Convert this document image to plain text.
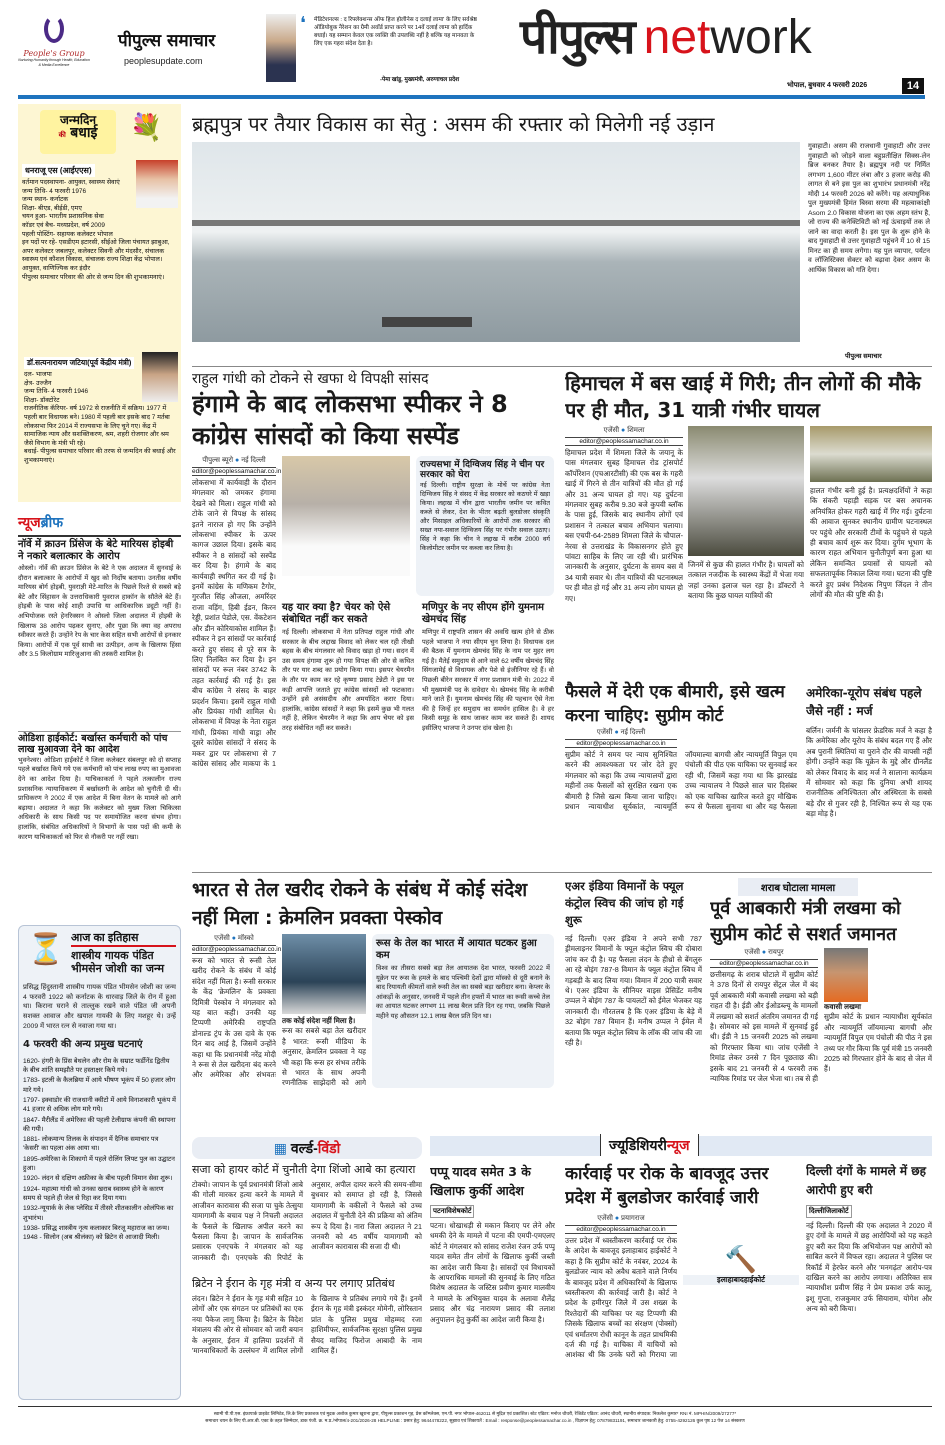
People's Group
Nurturing Humanity through Health, Education & Media Excellence
पीपुल्स समाचार
peoplesupdate.com
❛ मेडिटेशनल्स : द रिफ्लेक्शन्स ऑफ हिज होलीनेस द दलाई लामा' के लिए सर्वश्रेष्ठ ऑडियोबुक नैरेशन का ग्रैमी अवॉर्ड प्राप्त करने पर 14वें दलाई लामा को हार्दिक बधाई। यह सम्मान केवल एक व्यक्ति की उपलब्धि नहीं है बल्कि यह मानवता के लिए एक गहरा संदेश देता है।
-पेमा खांडू, मुख्यमंत्री, अरुणाचल प्रदेश
पीपुल्स network
भोपाल, बुधवार 4 फरवरी 2026	14
जन्मदिन
की बधाई	💐
धनराजू एस (आईएएस)
वर्तमान पदस्थापना- आयुक्त, स्वास्थ्य सेवाएं
जन्म तिथि- 4 फरवरी 1976
जन्म स्थान- कर्नाटक
शिक्षा- बीएड, बीईडी, एमए
चयन हुआ- भारतीय प्रशासनिक सेवा
कॉडर एवं बैच- मध्यप्रदेश, वर्ष 2009
पहली पोस्टिंग- सहायक कलेक्टर भोपाल
इन पदों पर रहे- एसडीएम इटारसी, सीईओ जिला पंचायत झाबुआ, अपर कलेक्टर जबलपुर, कलेक्टर सिवनी और मंदसौर, संचालक स्वास्थ्य एवं कौशल विकास, संचालक राज्य शिक्षा केंद्र भोपाल। आयुक्त, वाणिज्यिक कर इंदौर
पीपुल्स समाचार परिवार की ओर से जन्म दिन की शुभकामनाएं।
डॉ.सत्यनारायण जटिया(पूर्व केंद्रीय मंत्री)
दल- भाजपा
क्षेत्र- उज्जैन
जन्म तिथि- 4 फरवरी 1946
शिक्षा- डॉक्टोरेट
राजनीतिक कॅरियर- वर्ष 1972 से राजनीति में सक्रिय। 1977 में पहली बार विधायक बने। 1980 में पहली बार इसके बाद 7 मर्तबा लोकसभा फिर 2014 में राज्यसभा के लिए चुने गए। केंद्र में सामाजिक न्याय और सशक्तिकरण, श्रम, शहरी रोजगार और श्रम जैसे विभाग के मंत्री भी रहे।
बधाई- पीपुल्स समाचार परिवार की तरफ से जन्मदिन की बधाई और शुभकामनाएं।
न्यूजब्रीफ
नॉर्वे में क्राउन प्रिंसेज के बेटे मारियस होइबी ने नकारे बलात्कार के आरोप
ओस्लो। नॉर्वे की क्राउन प्रिंसेज के बेटे ने एक अदालत में सुनवाई के दौरान बलात्कार के आरोपों में खुद को निर्दोष बताया। उनतीस वर्षीय मारियस बोर्ग होइबी, युवराज्ञी मेटे-मारित के पिछले रिश्ते से सबसे बड़े बेटे और सिंहासन के उत्तराधिकारी युवराज हाकॉन के सौतेले बेटे हैं। होइबी के पास कोई शाही उपाधि या आधिकारिक ड्यूटी नहीं है। अभियोजक रस्ते हेनरिक्सन ने ओस्लो जिला अदालत में होइबी के खिलाफ 38 आरोप पढ़कर सुनाए, और पूछा कि क्या वह अपराध स्वीकार करते हैं। उन्होंने रेप के चार केस सहित सभी आरोपों से इनकार किया। आरोपों में एक पूर्व साथी का उत्पीड़न, अन्य के खिलाफ हिंसा और 3.5 किलोग्राम मारिजुआना की तस्करी शामिल है।
ओडिशा हाईकोर्ट: बर्खास्त कर्मचारी को पांच लाख मुआवजा देने का आदेश
भुवनेश्वर। ओडिशा हाईकोर्ट ने जिला कलेक्टर संबलपुर को दो सप्ताह पहले बर्खास्त किये गये एक कर्मचारी को पांच लाख रुपए का मुआवजा देने का आदेश दिया है। याचिकाकर्ता ने पहले तत्कालीन राज्य प्रशासनिक न्यायाधिकरण में बर्खास्तगी के आदेश को चुनौती दी थी। प्राधिकरण ने 2002 में एक आदेश में बिना वेतन के मामले को आगे बढ़ाया। अदालत ने कहा कि कलेक्टर को मुख्य जिला चिकित्सा अधिकारी के साथ किसी पद पर समायोजित करना संभव होगा। हालांकि, संबंधित अधिकारियों ने विभागों के पास पदों की कमी के कारण याचिकाकर्ता को फिर से नौकरी पर नहीं रखा।
⏳ आज का इतिहास
शास्त्रीय गायक पंडित भीमसेन जोशी का जन्म
प्रसिद्ध हिंदुस्तानी शास्त्रीय गायक पंडित भीमसेन जोशी का जन्म 4 फरवरी 1922 को कर्नाटक के धारवाड़ जिले के रोन में हुआ था। किराना घराने से ताल्लुक रखने वाले पंडित जी अपनी सशक्त आवाज और खयाल गायकी के लिए मशहूर थे। उन्हें 2009 में भारत रत्न से नवाजा गया था।
4 फरवरी की अन्य प्रमुख घटनाएं
1620- हंगरी के प्रिंस बेथलेन और रोम के सम्राट फर्डीनेंड द्वितीय के बीच शांति समझौते पर हस्ताक्षर किये गये।
1783- इटली के कैलब्रिया में आये भीषण भूकंप में 50 हजार लोग मारे गये।
1797- इक्वाडोर की राजधानी क्वीटो में आये विनाशकारी भूकंप में 41 हजार से अधिक लोग मारे गये।
1847- मैरीलैंड में अमेरिका की पहली टेलीग्राफ कंपनी की स्थापना की गयी।
1881- लोकमान्य तिलक के संपादन में दैनिक समाचार पत्र 'केसरी' का पहला अंक आया था।
1895-अमेरिका के शिकागो में पहले रोलिंग लिफ्ट पुल का उद्घाटन हुआ।
1920- लंदन से दक्षिण अफ्रीका के बीच पहली विमान सेवा शुरू।
1924- महात्मा गांधी को उनका खराब स्वास्थ्य होने के कारण समय से पहले ही जेल से रिहा कर दिया गया।
1932-न्यूयार्क के लेक प्लेसिड में तीसरे शीतकालीन ओलंपिक का शुभारंभ।
1938- प्रसिद्ध शास्त्रीय नृत्य कलाकार बिरजू महाराज का जन्म। 1948 - सिलोन (अब श्रीलंका) को ब्रिटेन से आजादी मिली।
ब्रह्मपुत्र पर तैयार विकास का सेतु : असम की रफ्तार को मिलेगी नई उड़ान
गुवाहाटी। असम की राजधानी गुवाहाटी और उत्तर गुवाहाटी को जोड़ने वाला बहुप्रतीक्षित सिक्स-लेन ब्रिज बनकर तैयार है। ब्रह्मपुत्र नदी पर निर्मित लगभग 1,600 मीटर लंबा और 3 हजार करोड़ की लागत से बने इस पुल का शुभारंभ प्रधानमंत्री नरेंद्र मोदी 14 फरवरी 2026 को करेंगे। यह अत्याधुनिक पुल मुख्यमंत्री हिमंत बिस्वा सरमा की महत्वाकांक्षी Asom 2.0 विकास योजना का एक अहम स्तंभ है, जो राज्य की कनेक्टिविटी को नई ऊंचाइयों तक ले जाने का वादा करती है। इस पुल के शुरू होने के बाद गुवाहाटी से उत्तर गुवाहाटी पहुंचने में 10 से 15 मिनट का ही समय लगेगा। यह पुल व्यापार, पर्यटन व लॉजिस्टिक्स सेक्टर को बढ़ावा देकर असम के आर्थिक विकास को गति देगा।
पीपुल्स समाचार
राहुल गांधी को टोकने से खफा थे विपक्षी सांसद
हंगामे के बाद लोकसभा स्पीकर ने 8 कांग्रेस सांसदों को किया सस्पेंड
पीपुल्स ब्यूरो ● नई दिल्ली
editor@peoplessamachar.co.in
लोकसभा में कार्यवाही के दौरान मंगलवार को जमकर हंगामा देखने को मिला। राहुल गांधी को टोके जाने से विपक्ष के सांसद इतने नाराज हो गए कि उन्होंने लोकसभा स्पीकर के ऊपर कागज उछाल दिया। इसके बाद स्पीकर ने 8 सांसदों को सस्पेंड कर दिया है। हंगामे के बाद कार्यवाही स्थगित कर दी गई है। इनमें कांग्रेस के मणिकम टैगोर, गुरजीत सिंह औजला, अमरिंदर राजा वड़िंग, हिबी ईडन, किरन रेड्डी, प्रशांत पेडोले, एस. वेंकटेशन और डीन कोरियाकोस शामिल हैं। स्पीकर ने इन सांसदों पर कार्रवाई करते हुए संसद से पूरे सत्र के लिए निलंबित कर दिया है। इन सांसदों पर रूल नंबर 3742 के तहत कार्रवाई की गई है। इस बीच कांग्रेस ने संसद के बाहर प्रदर्शन किया। इसमें राहुल गांधी और प्रियंका गांधी शामिल थे। लोकसभा में विपक्ष के नेता राहुल गांधी, प्रियंका गांधी वाड्रा और दूसरे कांग्रेस सांसदों ने संसद के मकर द्वार पर लोकसभा से 7 कांग्रेस सांसद और माकपा के 1
राज्यसभा में दिग्विजय सिंह ने चीन पर सरकार को घेरा
नई दिल्ली। राष्ट्रीय सुरक्षा के मोर्चे पर कांग्रेस नेता दिग्विजय सिंह ने संसद में केंद्र सरकार को कठघरे में खड़ा किया। लद्दाख में चीन द्वारा भारतीय जमीन पर कथित कब्जे से लेकर, देश के भीतर बढ़ती बुलडोजर संस्कृति और मिसाइल अधिकारियों के आरोपों तक सरकार की सख्त नया-सवाल दिग्विजय सिंह पर गंभीर सवाल उठाए। सिंह ने कहा कि चीन ने लद्दाख में करीब 2000 वर्ग किलोमीटर जमीन पर कब्जा कर लिया है।
यह यार क्या है? चेयर को ऐसे संबोधित नहीं कर सकते
नई दिल्ली। लोकसभा में नेता प्रतिपक्ष राहुल गांधी और सरकार के बीच लद्दाख विवाद को लेकर चल रही तीखी बहस के बीच मंगलवार को विवाद खड़ा हो गया। सदन में उस समय हंगामा शुरू हो गया विपक्ष की ओर से कथित तौर पर यार शब्द का प्रयोग किया गया। इसपर चेयरमैन के तौर पर काम कर रहे कृष्णा प्रसाद टेन्नेटी ने इस पर कड़ी आपत्ति जताते हुए कांग्रेस सांसदों को फटकारा। उन्होंने इसे असंसदीय और अमर्यादित करार दिया। हालांकि, कांग्रेस सांसदों ने कहा कि इसमें कुछ भी गलत नहीं है, लेकिन चेयरमैन ने कहा कि आप चेयर को इस तरह संबोधित नहीं कर सकते।
मणिपुर के नए सीएम होंगे युमनाम खेमचंद सिंह
मणिपुर में राष्ट्रपति शासन की अवधि खत्म होने से ठीक पहले भाजपा ने नया सीएम चुन लिया है। विधायक दल की बैठक में युमनाम खेमचंद सिंह के नाम पर मुहर लग गई है। मैतेई समुदाय से आने वाले 62 वर्षीय खेमचंद सिंह सिंगजामेई से विधायक और पेशे से इंजीनियर रहे हैं। वो पिछली बीरेन सरकार में नगर प्रशासन मंत्री थे। 2022 में भी मुख्यमंत्री पद के दावेदार थे। खेमचंद सिंह के करीबी माने जाते हैं। युमनाम खेमचंद सिंह की पहचान ऐसे नेता की है जिन्हें हर समुदाय का समर्थन हासिल है। वे हर किसी समूह के साथ जाकर काम कर सकते हैं। शायद इसीलिए भाजपा ने उनपर दांव खेला है।
हिमाचल में बस खाई में गिरी; तीन लोगों की मौके पर ही मौत, 31 यात्री गंभीर घायल
एजेंसी ● शिमला
editor@peoplessamachar.co.in
हिमाचल प्रदेश में शिमला जिले के जयानू के पास मंगलवार सुबह हिमाचल रोड ट्रांसपोर्ट कॉर्पोरेशन (एचआरटीसी) की एक बस के गहरी खाई में गिरने से तीन यात्रियों की मौत हो गई और 31 अन्य घायल हो गए। यह दुर्घटना मंगलवार सुबह करीब 9.30 बजे कुपवी ब्लॉक के पास हुई, जिसके बाद स्थानीय लोगों एवं प्रशासन ने तत्काल बचाव अभियान चलाया। बस एचपी-64-2589 शिमला जिले के चौपाल-नेरवा से उत्तराखंड के विकासनगर होते हुए पांवटा साहिब के लिए जा रही थी। प्रारंभिक जानकारी के अनुसार, दुर्घटना के समय बस में 34 यात्री सवार थे। तीन यात्रियों की घटनास्थल पर ही मौत हो गई और 31 अन्य लोग घायल हो गए।
जिनमें से कुछ की हालत गंभीर है। घायलों को तत्काल नजदीक के स्वास्थ्य केंद्रों में भेजा गया जहां उनका इलाज चल रहा है। डॉक्टरों ने बताया कि कुछ घायल यात्रियों की
हालत गंभीर बनी हुई है। प्रत्यक्षदर्शियों ने कहा कि संकरी पहाड़ी सड़क पर बस अचानक अनियंत्रित होकर गहरी खाई में गिर गई। दुर्घटना की आवाज सुनकर स्थानीय ग्रामीण घटनास्थल पर पहुंचे और सरकारी टीमों के पहुंचने से पहले ही बचाव कार्य शुरू कर दिया। दुर्गम भूभाग के कारण राहत अभियान चुनौतीपूर्ण बना हुआ था लेकिन समन्वित प्रयासों से घायलों को सफलतापूर्वक निकाल लिया गया। घटना की पुष्टि करते हुए प्रबंध निदेशक निपुण जिंदल ने तीन लोगों की मौत की पुष्टि की है।
फैसले में देरी एक बीमारी, इसे खत्म करना चाहिए: सुप्रीम कोर्ट
एजेंसी ● नई दिल्ली
editor@peoplessamachar.co.in
सुप्रीम कोर्ट ने समय पर न्याय सुनिश्चित करने की आवश्यकता पर जोर देते हुए मंगलवार को कहा कि उच्च न्यायालयों द्वारा महीनों तक फैसलों को सुरक्षित रखना एक बीमारी है जिसे खत्म किया जाना चाहिए। प्रधान न्यायाधीश सूर्यकांत, न्यायमूर्ति जॉयमाल्या बागची और न्यायमूर्ति विपुल एम पंचोली की पीठ एक याचिका पर सुनवाई कर रही थी, जिसमें कहा गया था कि झारखंड उच्च न्यायालय ने पिछले साल चार दिसंबर को एक याचिका खारिज करते हुए मौखिक रूप से फैसला सुनाया था और यह फैसला
अमेरिका-यूरोप संबंध पहले जैसे नहीं : मर्ज
बर्लिन। जर्मनी के चांसलर फ्रेडरिक मर्ज ने कहा है कि अमेरिका और यूरोप के संबंध बदल गए हैं और अब पुरानी स्थितियां या पुराने दौर की वापसी नहीं होगी। उन्होंने कहा कि यूक्रेन के मुद्दे और ग्रीनलैंड को लेकर विवाद के बाद मर्ज ने सालाना कार्यक्रम में सोमवार को कहा कि दुनिया अभी शायद राजनीतिक अनिश्चितता और अस्थिरता के सबसे बड़े दौर से गुजर रही है, निश्चित रूप से यह एक बड़ा मोड़ है।
भारत से तेल खरीद रोकने के संबंध में कोई संदेश नहीं मिला : क्रेमलिन प्रवक्ता पेस्कोव
एजेंसी ● मॉस्को
editor@peoplessamachar.co.in
रूस को भारत से रूसी तेल खरीद रोकने के संबंध में कोई संदेश नहीं मिला है। रूसी सरकार के केंद्र 'क्रेमलिन' के प्रवक्ता दिमित्री पेस्कोव ने मंगलवार को यह बात कही। उनकी यह टिप्पणी अमेरिकी राष्ट्रपति डोनाल्ड ट्रंप के उस दावे के एक दिन बाद आई है, जिसमें उन्होंने कहा था कि प्रधानमंत्री नरेंद्र मोदी ने रूस से तेल खरीदना बंद करने और अमेरिका और संभवतः
तक कोई संदेश नहीं मिला है।
रूस का सबसे बड़ा तेल खरीदार है भारत: रूसी मीडिया के अनुसार, क्रेमलिन प्रवक्ता ने यह भी कहा कि रूस हर संभव तरीके से भारत के साथ अपनी रणनीतिक साझेदारी को आगे
रूस के तेल का भारत में आयात घटकर हुआ कम
विश्व का तीसरा सबसे बड़ा तेल आयातक देश भारत, फरवरी 2022 में यूक्रेन पर रूस के हमले के बाद पश्चिमी देशों द्वारा मॉस्को से दूरी बनाने के बाद रियायती कीमतों वाले रूसी तेल का सबसे बड़ा खरीदार बना। केप्लर के आंकड़ों के अनुसार, जनवरी में पहले तीन हफ्तों में भारत का रूसी कच्चे तेल का आयात घटकर लगभग 11 लाख बैरल प्रति दिन रह गया, जबकि पिछले महीने यह औसतन 12.1 लाख बैरल प्रति दिन था।
एअर इंडिया विमानों के फ्यूल कंट्रोल स्विच की जांच हो गई शुरू
नई दिल्ली। एअर इंडिया ने अपने सभी 787 ड्रीमलाइनर विमानों के फ्यूल कंट्रोल स्विच की दोबारा जांच कर दी है। यह फैसला लंदन के हीथ्रो से बेंगलुरु आ रहे बोइंग 787-8 विमान के फ्यूल कंट्रोल स्विच में गड़बड़ी के बाद लिया गया। विमान में 200 यात्री सवार थे। एअर इंडिया के सीनियर वाइस प्रेसिडेंट मनीष उप्पल ने बोइंग 787 के पायलटों को ईमेल भेजकर यह जानकारी दी। गौरतलब है कि एअर इंडिया के बेड़े में 32 बोइंग 787 विमान हैं। मनीष उप्पल ने ईमेल में बताया कि फ्यूल कंट्रोल स्विच के लॉक की जांच की जा रही है।
शराब घोटाला मामला
पूर्व आबकारी मंत्री लखमा को सुप्रीम कोर्ट से सशर्त जमानत
एजेंसी ● रायपुर
editor@peoplessamachar.co.in
छत्तीसगढ़ के शराब घोटाले में सुप्रीम कोर्ट ने 378 दिनों से रायपुर सेंट्रल जेल में बंद पूर्व आबकारी मंत्री कवासी लखमा को बड़ी राहत दी है। ईडी और ईओडब्ल्यू के मामलों में लखमा को सशर्त अंतरिम जमानत दी गई है। सोमवार को इस मामले में सुनवाई हुई थी। ईडी ने 15 जनवरी 2025 को लखमा को गिरफ्तार किया था। जांच एजेंसी ने रिमांड लेकर उनसे 7 दिन पूछताछ की। इसके बाद 21 जनवरी से 4 फरवरी तक न्यायिक रिमांड पर जेल भेजा था। तब से ही
कवासी लखमा
सुप्रीम कोर्ट के प्रधान न्यायाधीश सूर्यकांत और न्यायमूर्ति जॉयमाल्या बागची और न्यायमूर्ति विपुल एम पंचोली की पीठ ने इस तथ्य पर गौर किया कि पूर्व मंत्री 15 जनवरी 2025 को गिरफ्तार होने के बाद से जेल में हैं।
▦ वर्ल्ड-विंडो
सजा को हायर कोर्ट में चुनौती देगा शिंजो आबे का हत्यारा
टोक्यो। जापान के पूर्व प्रधानमंत्री शिंजो आबे की गोली मारकर हत्या करने के मामले में आजीवन कारावास की सजा पा चुके तेत्सुया यामागामी के बचाव पक्ष ने निचली अदालत के फैसले के खिलाफ अपील करने का फैसला किया है। जापान के सार्वजनिक प्रसारक एनएचके ने मंगलवार को यह जानकारी दी। एनएचके की रिपोर्ट के अनुसार, अपील दायर करने की समय-सीमा बुधवार को समाप्त हो रही है, जिससे यामागामी के वकीलों ने फैसले को उच्च अदालत में चुनौती देने की प्रक्रिया को अंतिम रूप दे दिया है। नारा जिला अदालत ने 21 जनवरी को 45 वर्षीय यामागामी को आजीवन कारावास की सजा दी थी।
ब्रिटेन ने ईरान के गृह मंत्री व अन्य पर लगाए प्रतिबंध
लंदन। ब्रिटेन ने ईरान के गृह मंत्री सहित 10 लोगों और एक संगठन पर प्रतिबंधों का एक नया पैकेज लागू किया है। ब्रिटेन के विदेश मंत्रालय की ओर से सोमवार को जारी बयान के अनुसार, ईरान में हालिया प्रदर्शनों में 'मानवाधिकारों के उल्लंघन' में शामिल लोगों के खिलाफ ये प्रतिबंध लगाये गये हैं। इनमें ईरान के गृह मंत्री इस्कंदर मोमेनी, लोरिस्तान प्रांत के पुलिस प्रमुख मोहम्मद रजा हाशिमीफर, सार्वजनिक सुरक्षा पुलिस प्रमुख सैयद माजिद फिरोज आबादी के नाम शामिल हैं।
पप्पू यादव समेत 3 के खिलाफ कुर्की आदेश
पटनाविशेषकोर्ट
पटना। धोखाधड़ी से मकान किराए पर लेने और धमकी देने के मामले में पटना की एमपी-एमएलए कोर्ट ने मंगलवार को सांसद राजेश रंजन उर्फ पप्पू यादव समेत तीन लोगों के खिलाफ कुर्की जब्ती का आदेश जारी किया है। सांसदों एवं विधायकों के आपराधिक मामलों की सुनवाई के लिए गठित विशेष अदालत के जस्टिस प्रवीण कुमार मालवीय ने मामले के अभियुक्त यादव के अलावा शैलेंद्र प्रसाद और चंद्र नारायण प्रसाद की तलाश अनुपालन हेतु कुर्की का आदेश जारी किया है।
ज्यूडिशियरीन्यूज
कार्रवाई पर रोक के बावजूद उत्तर प्रदेश में बुलडोजर कार्रवाई जारी
एजेंसी ● प्रयागराज
editor@peoplessamachar.co.in
उत्तर प्रदेश में ध्वस्तीकरण कार्रवाई पर रोक के आदेश के बावजूद इलाहाबाद हाईकोर्ट ने कहा है कि सुप्रीम कोर्ट के नवंबर, 2024 के बुलडोजर न्याय को अवैध बताने वाले निर्णय के बावजूद प्रदेश में अधिकारियों के खिलाफ ध्वस्तीकरण की कार्रवाई जारी है। कोर्ट ने प्रदेश के हमीरपुर जिले में उस शख्स के रिश्तेदारों की याचिका पर यह टिप्पणी की जिसके खिलाफ बच्चों का संरक्षण (पोक्सो) एवं धर्मांतरण रोधी कानून के तहत प्राथमिकी दर्ज की गई है। याचिका में याचियों को आशंका थी कि उनके घरों को गिराया जा
🔨
इलाहाबादहाईकोर्ट
दिल्ली दंगों के मामले में छह आरोपी हुए बरी
दिल्लीजिलाकोर्ट
नई दिल्ली। दिल्ली की एक अदालत ने 2020 में हुए दंगों के मामले में छह आरोपियों को यह कहते हुए बरी कर दिया कि अभियोजन पक्ष आरोपों को साबित करने में विफल रहा। अदालत ने पुलिस पर रिकॉर्ड में हेरफेर करने और 'मनगढ़ंत' आरोप-पत्र दाखिल करने का आरोप लगाया। अतिरिक्त सत्र न्यायाधीश प्रवीण सिंह ने प्रेम प्रकाश उर्फ कालू, इशू गुप्ता, राजकुमार उर्फ सियाराम, योगेश और अन्य को बरी किया।
स्वामी पी.पी.एस. इंफ्रापार्क प्राइवेट लिमिटेड, लि.के लिए प्रकाशक एवं मुद्रक अशोक कुमार खुराना द्वारा, पीपुल्स प्रकाशन गृह, प्रेस कॉम्प्लेक्स, एम.पी. नगर भोपाल-462011 से मुद्रित एवं प्रकाशित। स्टेट एडिटर: मनोज चौधरी, रेजिडेंट एडिटर: आनंद चौधरी, स्थानीय संपादक: निकलेश कुमार* RNI नं. MPHIN/2009/27277*
समाचार चयन के लिए पी.आर.बी. एक्ट के तहत जिम्मेदार, डाक पंजी. क्र. म.प्र./भोपाल/4-201/2026-28 HELPLINE : प्रसार हेतु: 9644478222, सुझाव एवं शिकायतें : Email : response@peoplessamachar.co.in , विज्ञापन हेतु: 07879831191, समाचार जानकारी हेतु: 0755-4292126 कुल पृष्ठ 12 पेज 14 संस्करण
